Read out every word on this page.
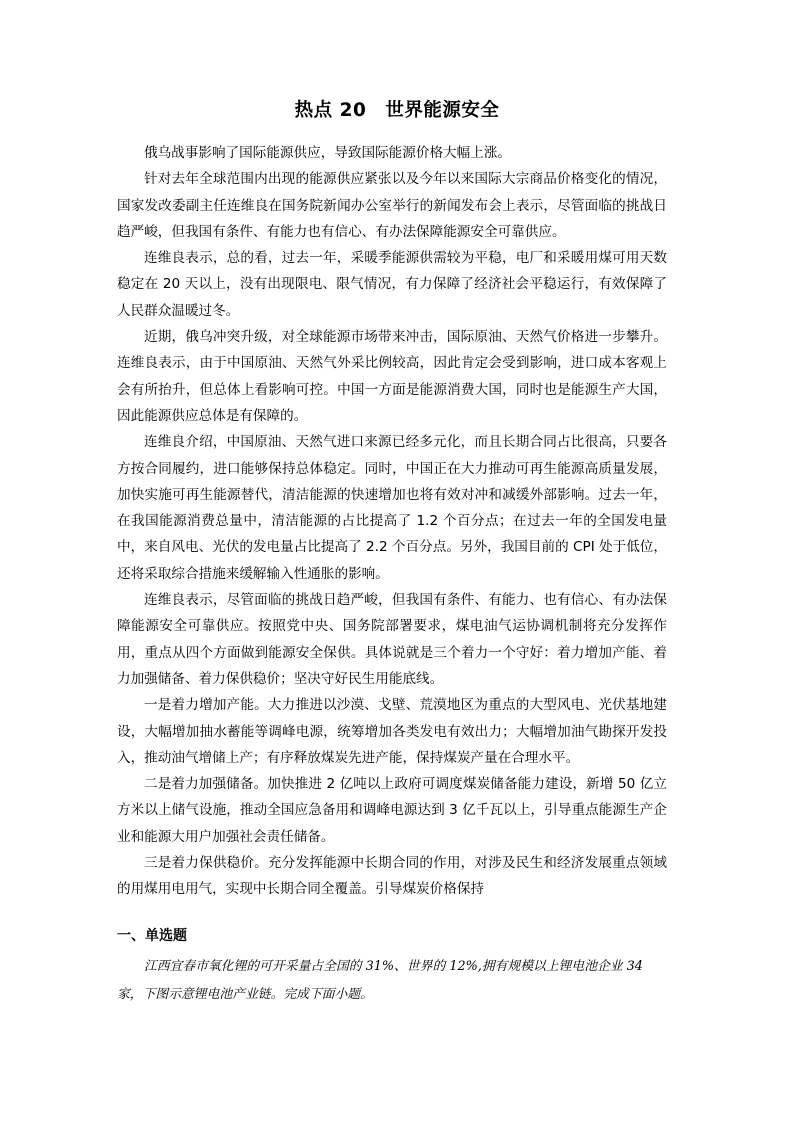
热点 20　世界能源安全

俄乌战事影响了国际能源供应，导致国际能源价格大幅上涨。

针对去年全球范围内出现的能源供应紧张以及今年以来国际大宗商品价格变化的情况，国家发改委副主任连维良在国务院新闻办公室举行的新闻发布会上表示，尽管面临的挑战日趋严峻，但我国有条件、有能力也有信心、有办法保障能源安全可靠供应。

连维良表示，总的看，过去一年，采暖季能源供需较为平稳，电厂和采暖用煤可用天数稳定在 20 天以上，没有出现限电、限气情况，有力保障了经济社会平稳运行，有效保障了人民群众温暖过冬。

近期，俄乌冲突升级，对全球能源市场带来冲击，国际原油、天然气价格进一步攀升。连维良表示，由于中国原油、天然气外采比例较高，因此肯定会受到影响，进口成本客观上会有所抬升，但总体上看影响可控。中国一方面是能源消费大国，同时也是能源生产大国，因此能源供应总体是有保障的。

连维良介绍，中国原油、天然气进口来源已经多元化，而且长期合同占比很高，只要各方按合同履约，进口能够保持总体稳定。同时，中国正在大力推动可再生能源高质量发展，加快实施可再生能源替代，清洁能源的快速增加也将有效对冲和减缓外部影响。过去一年，在我国能源消费总量中，清洁能源的占比提高了 1.2 个百分点；在过去一年的全国发电量中，来自风电、光伏的发电量占比提高了 2.2 个百分点。另外，我国目前的 CPI 处于低位，还将采取综合措施来缓解输入性通胀的影响。

连维良表示，尽管面临的挑战日趋严峻，但我国有条件、有能力、也有信心、有办法保障能源安全可靠供应。按照党中央、国务院部署要求，煤电油气运协调机制将充分发挥作用，重点从四个方面做到能源安全保供。具体说就是三个着力一个守好：着力增加产能、着力加强储备、着力保供稳价；坚决守好民生用能底线。

一是着力增加产能。大力推进以沙漠、戈壁、荒漠地区为重点的大型风电、光伏基地建设，大幅增加抽水蓄能等调峰电源，统筹增加各类发电有效出力；大幅增加油气勘探开发投入，推动油气增储上产；有序释放煤炭先进产能，保持煤炭产量在合理水平。

二是着力加强储备。加快推进 2 亿吨以上政府可调度煤炭储备能力建设，新增 50 亿立方米以上储气设施，推动全国应急备用和调峰电源达到 3 亿千瓦以上，引导重点能源生产企业和能源大用户加强社会责任储备。

三是着力保供稳价。充分发挥能源中长期合同的作用，对涉及民生和经济发展重点领域的用煤用电用气，实现中长期合同全覆盖。引导煤炭价格保持

一、单选题

江西宜春市氧化锂的可开采量占全国的 31%、世界的 12%,拥有规模以上锂电池企业 34 家，下图示意锂电池产业链。完成下面小题。
